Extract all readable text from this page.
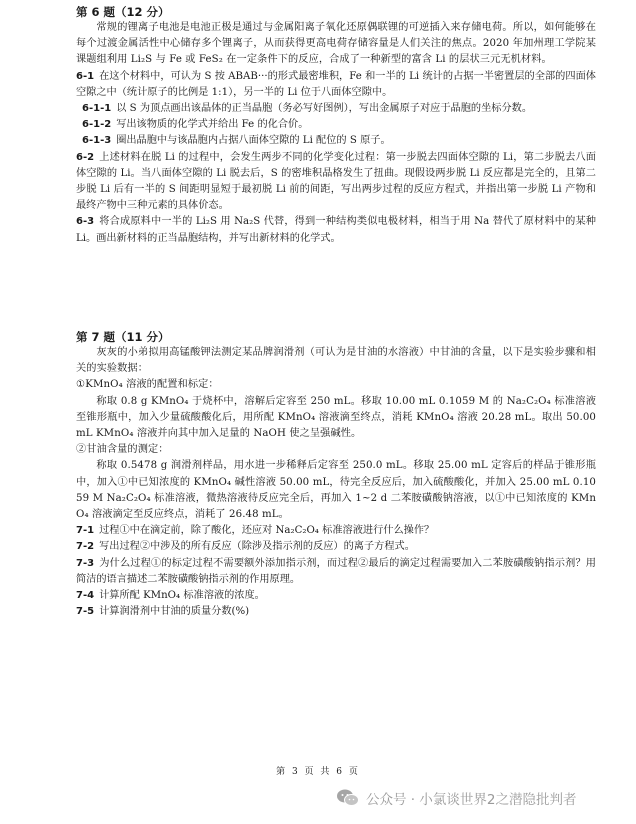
第 6 题（12 分）

常规的锂离子电池是电池正极是通过与金属阳离子氧化还原偶联锂的可逆插入来存储电荷。所以，如何能够在每个过渡金属活性中心储存多个锂离子，从而获得更高电荷存储容量是人们关注的焦点。2020 年加州理工学院某课题组利用 Li₂S 与 Fe 或 FeS₂ 在一定条件下的反应，合成了一种新型的富含 Li 的层状三元无机材料。

6-1 在这个材料中，可认为 S 按 ABAB···的形式最密堆积，Fe 和一半的 Li 统计的占据一半密置层的全部的四面体空隙之中（统计原子的比例是 1:1），另一半的 Li 位于八面体空隙中。

6-1-1 以 S 为顶点画出该晶体的正当晶胞（务必写好图例），写出金属原子对应于晶胞的坐标分数。

6-1-2 写出该物质的化学式并给出 Fe 的化合价。

6-1-3 圈出晶胞中与该晶胞内占据八面体空隙的 Li 配位的 S 原子。

6-2 上述材料在脱 Li 的过程中，会发生两步不同的化学变化过程：第一步脱去四面体空隙的 Li，第二步脱去八面体空隙的 Li。当八面体空隙的 Li 脱去后，S 的密堆积晶格发生了扭曲。现假设两步脱 Li 反应都是完全的，且第二步脱 Li 后有一半的 S 间距明显短于最初脱 Li 前的间距，写出两步过程的反应方程式，并指出第一步脱 Li 产物和最终产物中三种元素的具体价态。

6-3 将合成原料中一半的 Li₂S 用 Na₂S 代替，得到一种结构类似电极材料，相当于用 Na 替代了原材料中的某种 Li。画出新材料的正当晶胞结构，并写出新材料的化学式。

第 7 题（11 分）

灰灰的小弟拟用高锰酸钾法测定某品牌润滑剂（可认为是甘油的水溶液）中甘油的含量，以下是实验步骤和相关的实验数据：

①KMnO₄ 溶液的配置和标定：

称取 0.8 g KMnO₄ 于烧杯中，溶解后定容至 250 mL。移取 10.00 mL 0.1059 M 的 Na₂C₂O₄ 标准溶液至锥形瓶中，加入少量硫酸酸化后，用所配 KMnO₄ 溶液滴至终点，消耗 KMnO₄ 溶液 20.28 mL。取出 50.00 mL KMnO₄ 溶液并向其中加入足量的 NaOH 使之呈强碱性。

②甘油含量的测定：

称取 0.5478 g 润滑剂样品，用水进一步稀释后定容至 250.0 mL。移取 25.00 mL 定容后的样品于锥形瓶中，加入①中已知浓度的 KMnO₄ 碱性溶液 50.00 mL，待完全反应后，加入硫酸酸化，并加入 25.00 mL 0.1059 M Na₂C₂O₄ 标准溶液，微热溶液待反应完全后，再加入 1~2 d 二苯胺磺酸钠溶液，以①中已知浓度的 KMnO₄ 溶液滴定至反应终点，消耗了 26.48 mL。

7-1 过程①中在滴定前，除了酸化，还应对 Na₂C₂O₄ 标准溶液进行什么操作？

7-2 写出过程②中涉及的所有反应（除涉及指示剂的反应）的离子方程式。

7-3 为什么过程①的标定过程不需要额外添加指示剂，而过程②最后的滴定过程需要加入二苯胺磺酸钠指示剂？用简洁的语言描述二苯胺磺酸钠指示剂的作用原理。

7-4 计算所配 KMnO₄ 标准溶液的浓度。

7-5 计算润滑剂中甘油的质量分数(%)

第 3 页 共 6 页
公众号 · 小氯谈世界2之潜隐批判者
